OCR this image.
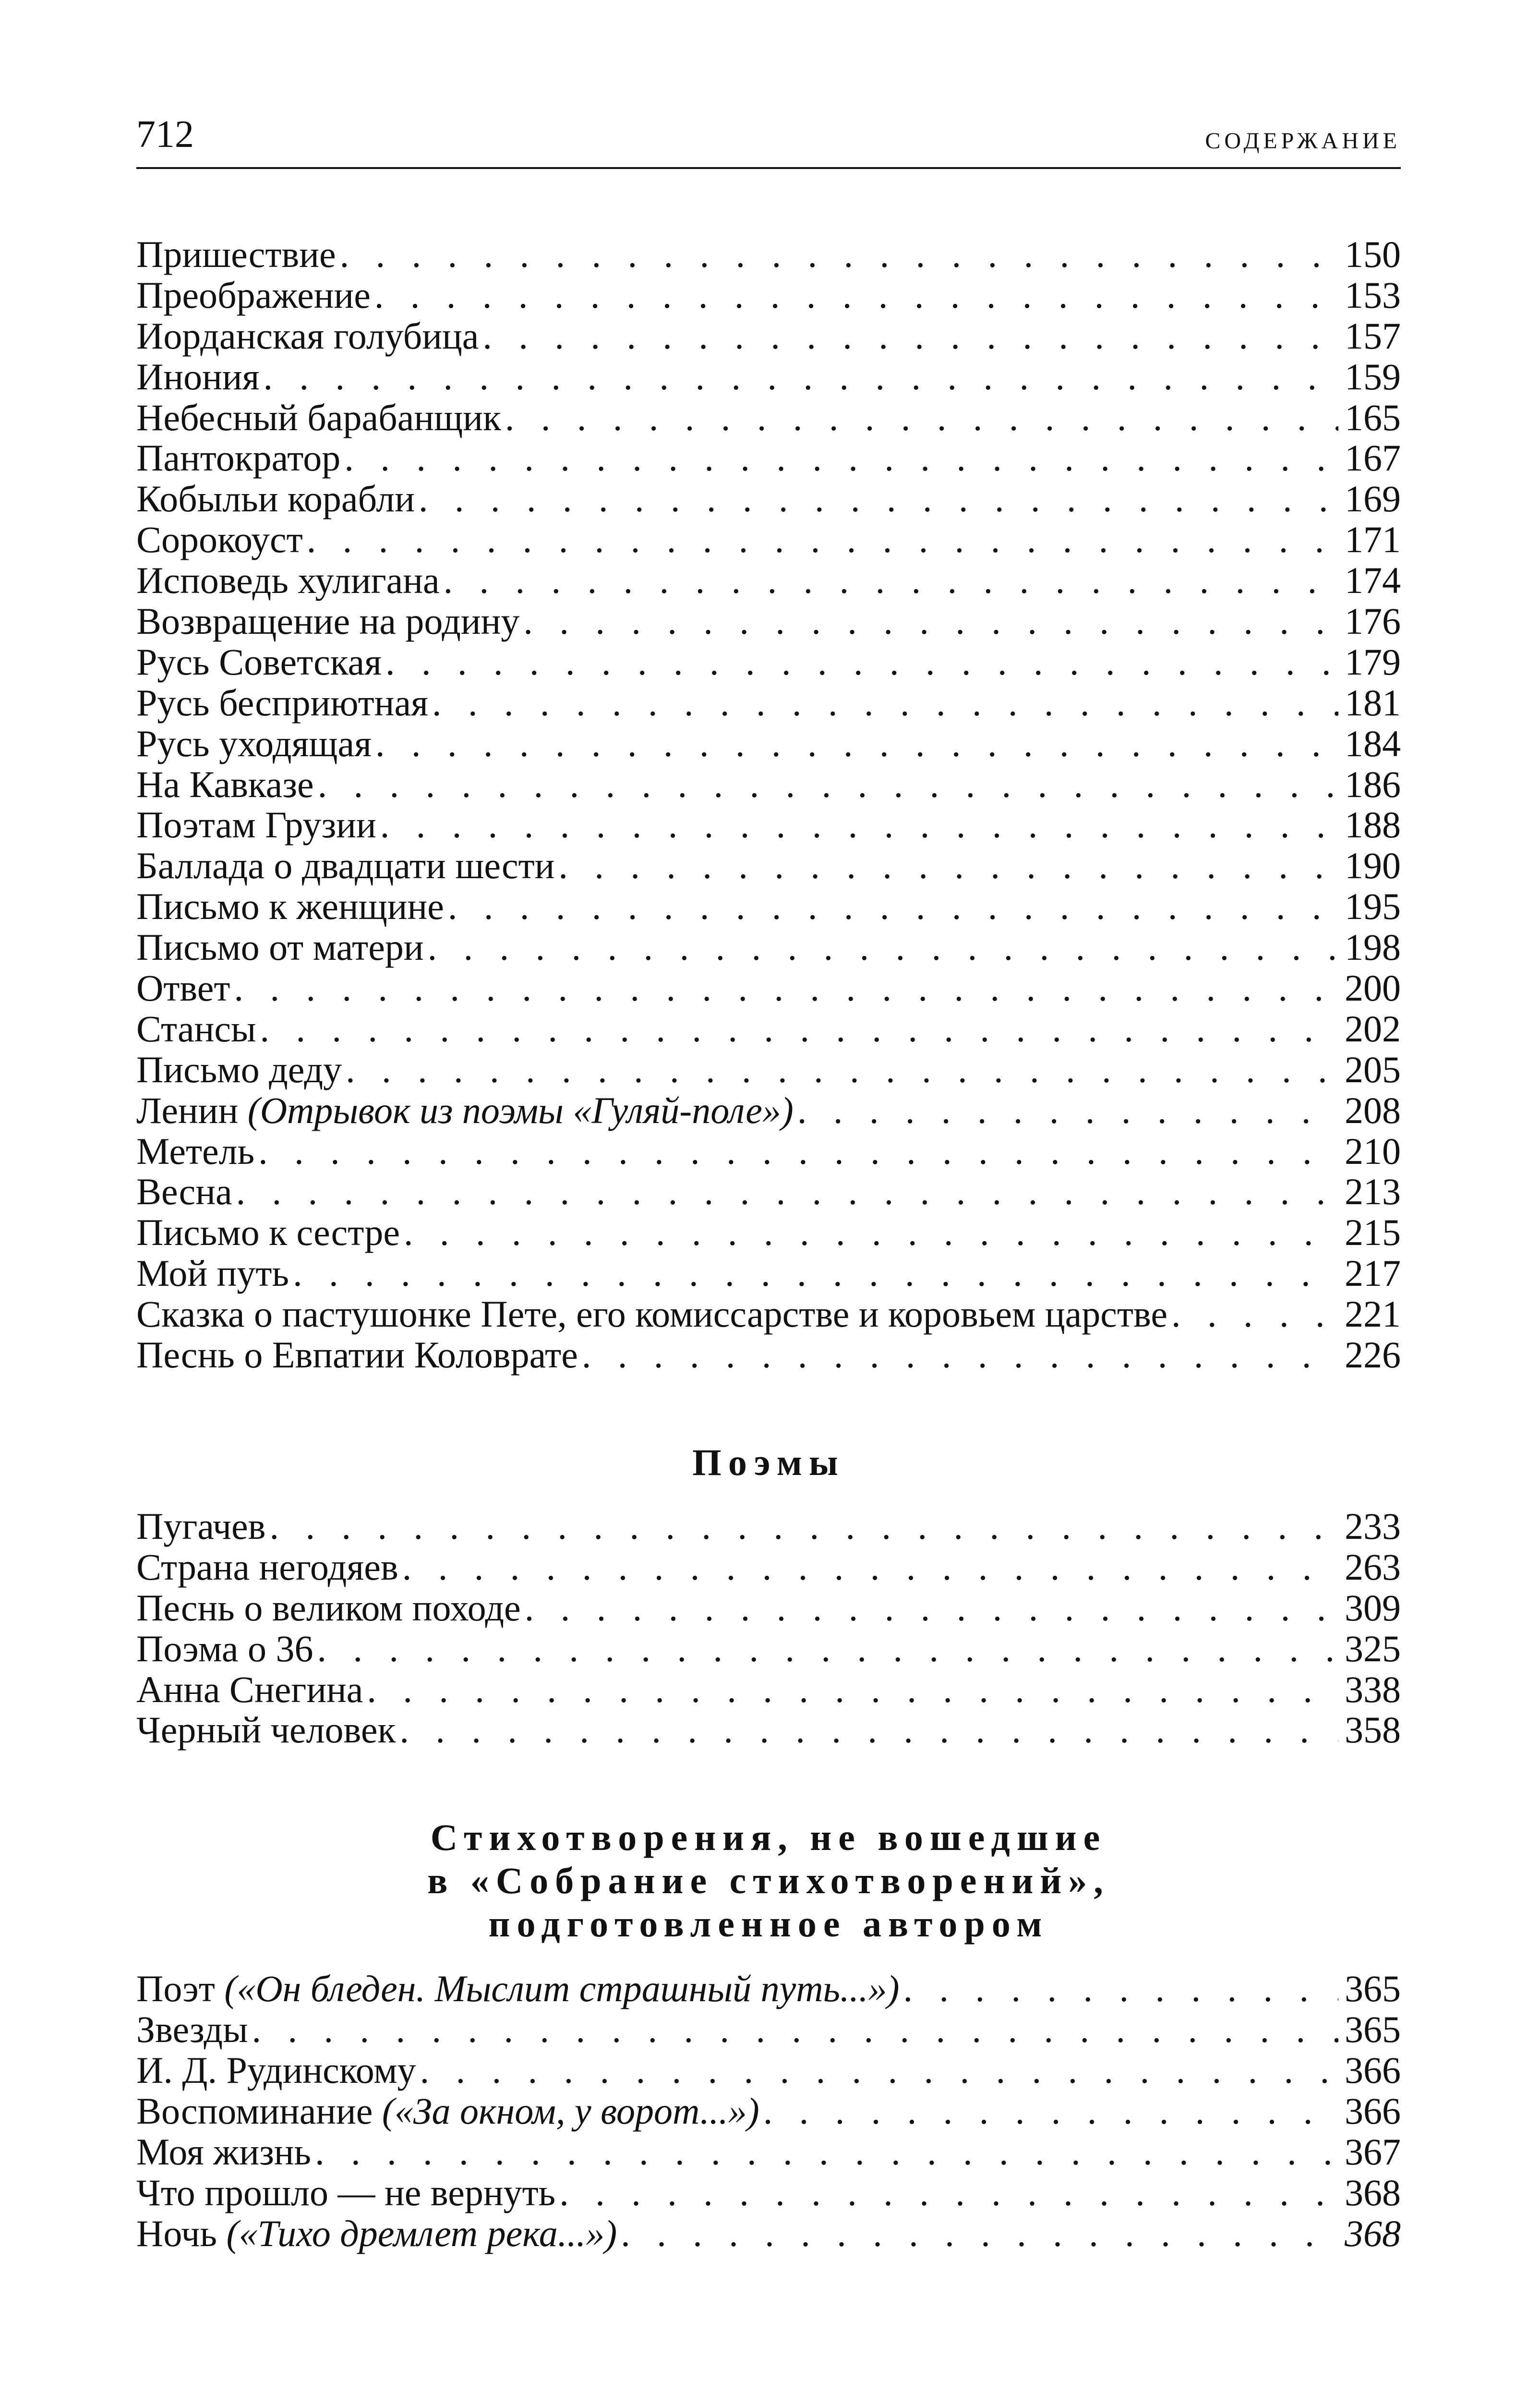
712	СОДЕРЖАНИЕ
Пришествие . . .	150
Преображение . . .	153
Иорданская голубица . . .	157
Инония . . .	159
Небесный барабанщик . . .	165
Пантократор . . .	167
Кобыльи корабли . . .	169
Сорокоуст . . .	171
Исповедь хулигана . . .	174
Возвращение на родину . . .	176
Русь Советская . . .	179
Русь бесприютная . . .	181
Русь уходящая . . .	184
На Кавказе . . .	186
Поэтам Грузии . . .	188
Баллада о двадцати шести . . .	190
Письмо к женщине . . .	195
Письмо от матери . . .	198
Ответ . . .	200
Стансы . . .	202
Письмо деду . . .	205
Ленин (Отрывок из поэмы «Гуляй-поле») . . .	208
Метель . . .	210
Весна . . .	213
Письмо к сестре . . .	215
Мой путь . . .	217
Сказка о пастушонке Пете, его комиссарстве и коровьем царстве . . .	221
Песнь о Евпатии Коловрате . . .	226
Поэмы
Пугачев . . .	233
Страна негодяев . . .	263
Песнь о великом походе . . .	309
Поэма о 36 . . .	325
Анна Снегина . . .	338
Черный человек . . .	358
Стихотворения, не вошедшие
в «Собрание стихотворений»,
подготовленное автором
Поэт («Он бледен. Мыслит страшный путь...») . . .	365
Звезды . . .	365
И. Д. Рудинскому . . .	366
Воспоминание («За окном, у ворот...») . . .	366
Моя жизнь . . .	367
Что прошло — не вернуть . . .	368
Ночь («Тихо дремлет река...») . . .	368
